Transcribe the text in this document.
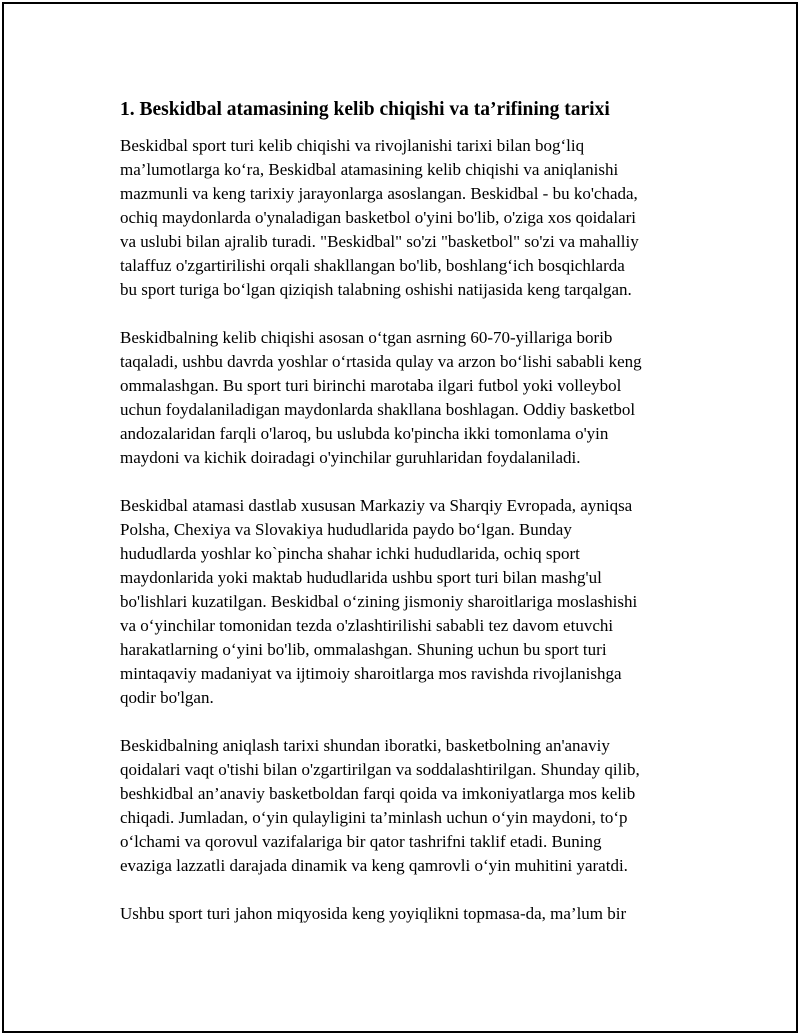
1. Beskidbal atamasining kelib chiqishi va ta’rifining tarixi

Beskidbal sport turi kelib chiqishi va rivojlanishi tarixi bilan bog‘liq
ma’lumotlarga ko‘ra, Beskidbal atamasining kelib chiqishi va aniqlanishi
mazmunli va keng tarixiy jarayonlarga asoslangan. Beskidbal - bu ko'chada,
ochiq maydonlarda o'ynaladigan basketbol o'yini bo'lib, o'ziga xos qoidalari
va uslubi bilan ajralib turadi. "Beskidbal" so'zi "basketbol" so'zi va mahalliy
talaffuz o'zgartirilishi orqali shakllangan bo'lib, boshlang‘ich bosqichlarda
bu sport turiga bo‘lgan qiziqish talabning oshishi natijasida keng tarqalgan.

Beskidbalning kelib chiqishi asosan o‘tgan asrning 60-70-yillariga borib
taqaladi, ushbu davrda yoshlar o‘rtasida qulay va arzon bo‘lishi sababli keng
ommalashgan. Bu sport turi birinchi marotaba ilgari futbol yoki volleybol
uchun foydalaniladigan maydonlarda shakllana boshlagan. Oddiy basketbol
andozalaridan farqli o'laroq, bu uslubda ko'pincha ikki tomonlama o'yin
maydoni va kichik doiradagi o'yinchilar guruhlaridan foydalaniladi.

Beskidbal atamasi dastlab xususan Markaziy va Sharqiy Evropada, ayniqsa
Polsha, Chexiya va Slovakiya hududlarida paydo bo‘lgan. Bunday
hududlarda yoshlar ko`pincha shahar ichki hududlarida, ochiq sport
maydonlarida yoki maktab hududlarida ushbu sport turi bilan mashg'ul
bo'lishlari kuzatilgan. Beskidbal o‘zining jismoniy sharoitlariga moslashishi
va o‘yinchilar tomonidan tezda o'zlashtirilishi sababli tez davom etuvchi
harakatlarning o‘yini bo'lib, ommalashgan. Shuning uchun bu sport turi
mintaqaviy madaniyat va ijtimoiy sharoitlarga mos ravishda rivojlanishga
qodir bo'lgan.

Beskidbalning aniqlash tarixi shundan iboratki, basketbolning an'anaviy
qoidalari vaqt o'tishi bilan o'zgartirilgan va soddalashtirilgan. Shunday qilib,
beshkidbal an’anaviy basketboldan farqi qoida va imkoniyatlarga mos kelib
chiqadi. Jumladan, o‘yin qulayligini ta’minlash uchun o‘yin maydoni, to‘p
o‘lchami va qorovul vazifalariga bir qator tashrifni taklif etadi. Buning
evaziga lazzatli darajada dinamik va keng qamrovli o‘yin muhitini yaratdi.

Ushbu sport turi jahon miqyosida keng yoyiqlikni topmasa-da, ma’lum bir
